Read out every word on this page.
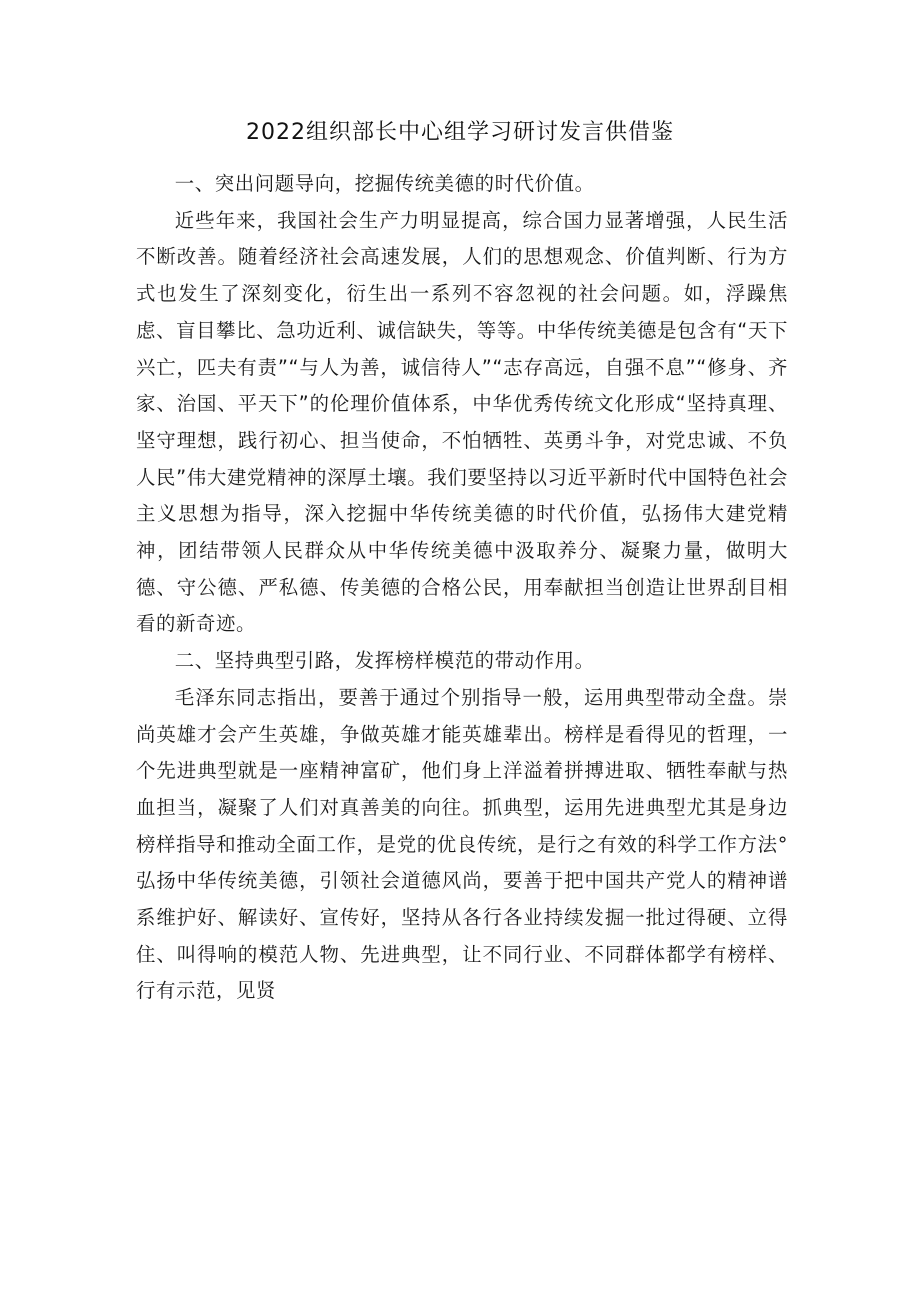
2022组织部长中心组学习研讨发言供借鉴

一、突出问题导向，挖掘传统美德的时代价值。

近些年来，我国社会生产力明显提高，综合国力显著增强，人民生活不断改善。随着经济社会高速发展，人们的思想观念、价值判断、行为方式也发生了深刻变化，衍生出一系列不容忽视的社会问题。如，浮躁焦虑、盲目攀比、急功近利、诚信缺失，等等。中华传统美德是包含有“天下兴亡，匹夫有责”“与人为善，诚信待人”“志存高远，自强不息”“修身、齐家、治国、平天下”的伦理价值体系，中华优秀传统文化形成“坚持真理、坚守理想，践行初心、担当使命，不怕牺牲、英勇斗争，对党忠诚、不负人民”伟大建党精神的深厚土壤。我们要坚持以习近平新时代中国特色社会主义思想为指导，深入挖掘中华传统美德的时代价值，弘扬伟大建党精神，团结带领人民群众从中华传统美德中汲取养分、凝聚力量，做明大德、守公德、严私德、传美德的合格公民，用奉献担当创造让世界刮目相看的新奇迹。

二、坚持典型引路，发挥榜样模范的带动作用。

毛泽东同志指出，要善于通过个别指导一般，运用典型带动全盘。崇尚英雄才会产生英雄，争做英雄才能英雄辈出。榜样是看得见的哲理，一个先进典型就是一座精神富矿，他们身上洋溢着拼搏进取、牺牲奉献与热血担当，凝聚了人们对真善美的向往。抓典型，运用先进典型尤其是身边榜样指导和推动全面工作，是党的优良传统，是行之有效的科学工作方法°弘扬中华传统美德，引领社会道德风尚，要善于把中国共产党人的精神谱系维护好、解读好、宣传好，坚持从各行各业持续发掘一批过得硬、立得住、叫得响的模范人物、先进典型，让不同行业、不同群体都学有榜样、行有示范，见贤
